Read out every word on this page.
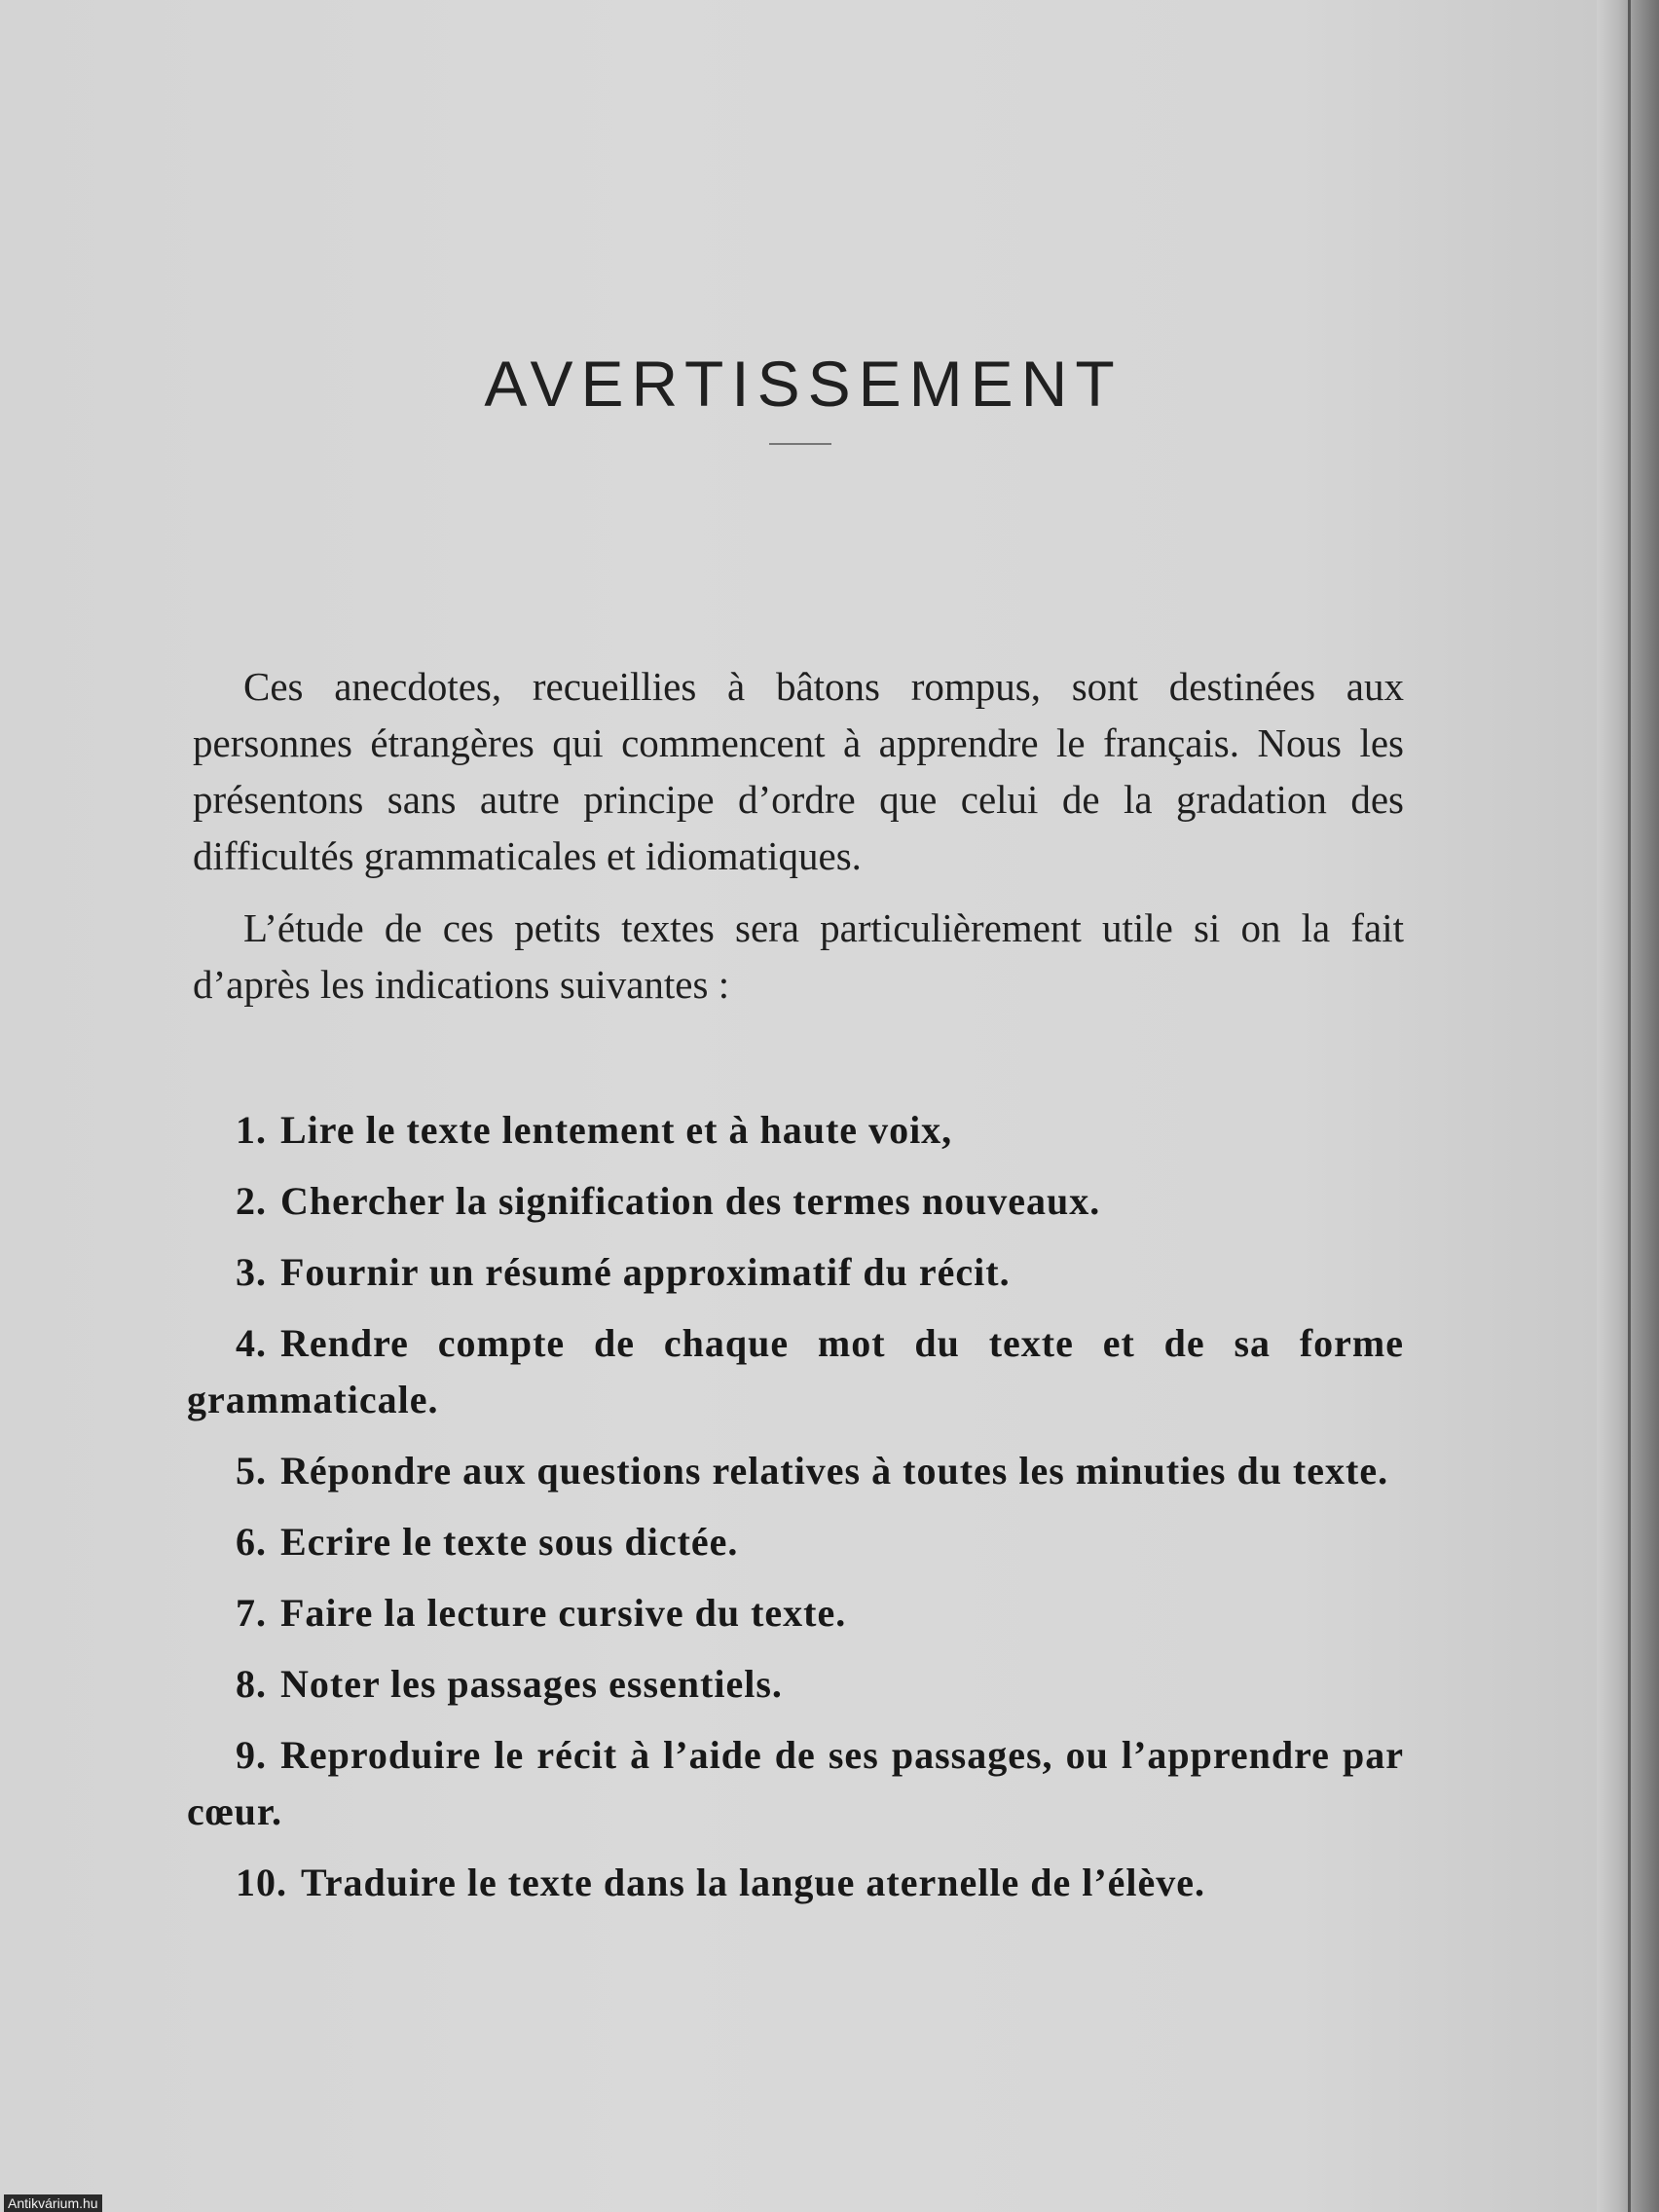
AVERTISSEMENT

Ces anecdotes, recueillies à bâtons rompus, sont destinées aux personnes étrangères qui commencent à apprendre le français. Nous les présentons sans autre principe d’ordre que celui de la gradation des difficultés grammaticales et idiomatiques.

L’étude de ces petits textes sera particulièrement utile si on la fait d’après les indications suivantes :

1. Lire le texte lentement et à haute voix,
2. Chercher la signification des termes nouveaux.
3. Fournir un résumé approximatif du récit.
4. Rendre compte de chaque mot du texte et de sa forme grammaticale.
5. Répondre aux questions relatives à toutes les minuties du texte.
6. Ecrire le texte sous dictée.
7. Faire la lecture cursive du texte.
8. Noter les passages essentiels.
9. Reproduire le récit à l’aide de ses passages, ou l’apprendre par cœur.
10. Traduire le texte dans la langue aternelle de l’élève.
Antikvárium.hu
